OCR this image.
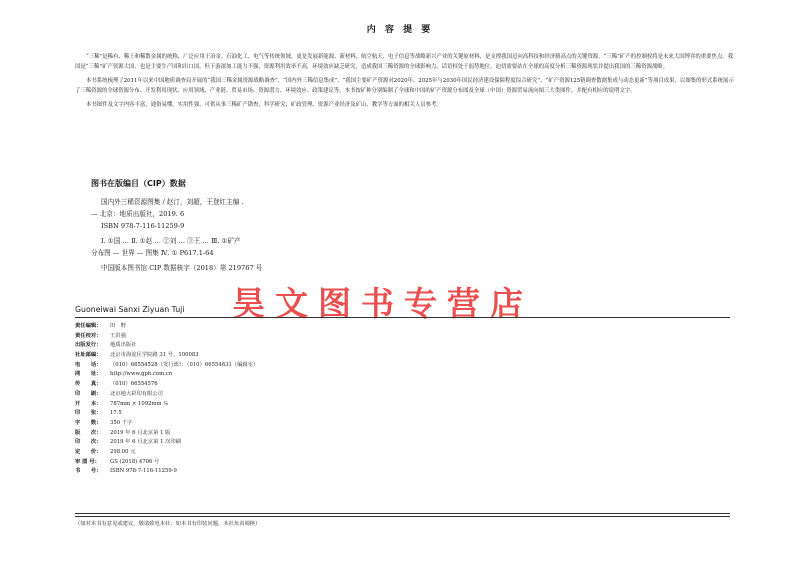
内 容 提 要

“三稀”是稀有、稀土和稀散金属的统称，广泛应用于冶金、石油化工、电气等传统领域，更是发展新能源、新材料、航空航天、电子信息等战略新兴产业的关键原材料，是支撑我国迈向高科技和经济制高点的关键资源。“三稀”矿产的控制权将是未来大国博弈的重要焦点。我国是“三稀”矿产资源大国，也是主要生产国和出口国，但下游深加工能力不强，资源利用效率不高，环境效应缺乏研究，造成我国三稀资源的全球影响力、话语权处于弱势地位，迫切需要站在全球的高度分析三稀资源现状并提出我国的三稀资源战略。

本书系统梳理了2011年以来中国地质调查局开展的“我国三稀金属资源战略调查”、“国内外三稀信息集成”、“我国主要矿产资源对2020年、2025年与2030年国民经济建设保障程度综合研究”、“矿产资源125链调查数据集成与动态更新”等项目成果，以图集的形式系统展示了三稀资源的全球资源分布、开发利用现状、应用领域、产业链、贸易市场、资源潜力、环境效应、政策建议等。本书按矿种分别编制了全球和中国的矿产资源分布图及全球（中国）资源贸易流向图三大类图件，并配有相应的说明文字。

本书图件及文字内容丰富，通俗易懂，实用性强，可供从事三稀矿产勘查、科学研究、矿政管理、资源产业经济及矿山、教学等方面的相关人员参考。

图书在版编目（CIP）数据
国内外三稀资源图集 / 赵汀，刘超，王登红主编 .
— 北京：地质出版社，2019. 6
ISBN 978-7-116-11259-9
Ⅰ. ①国 … Ⅱ. ①赵 … ②刘 … ③王 … Ⅲ. ①矿产
分布图 — 世界 — 图集 Ⅳ. ① P617.1-64
中国版本图书馆 CIP 数据核字（2018）第 219767 号
昊文图书专营店
Guoneiwai Sanxi Ziyuan Tuji
责任编辑： 田　野
责任校对： 王洪强
出版发行： 地质出版社
社址邮编： 北京市海淀区学院路 31 号，100083
电　　话： （010）66554528（发行部）；（010）66554631（编辑室）
网　　址： http://www.gph.com.cn
传　　真： （010）66554576
印　　刷： 北京地大彩印有限公司
开　　本： 787mm × 1092mm ¹⁄₈
印　　张： 17.5
字　　数： 350 千字
版　　次： 2019 年 6 月北京第 1 版
印　　次： 2019 年 6 月北京第 1 次印刷
定　　价： 298.00 元
审 图 号： GS (2018) 4706 号
书　　号： ISBN 978-7-116-11259-9
（如对本书有意见或建议，敬请致电本社；如本书有印装问题，本社负责调换）
